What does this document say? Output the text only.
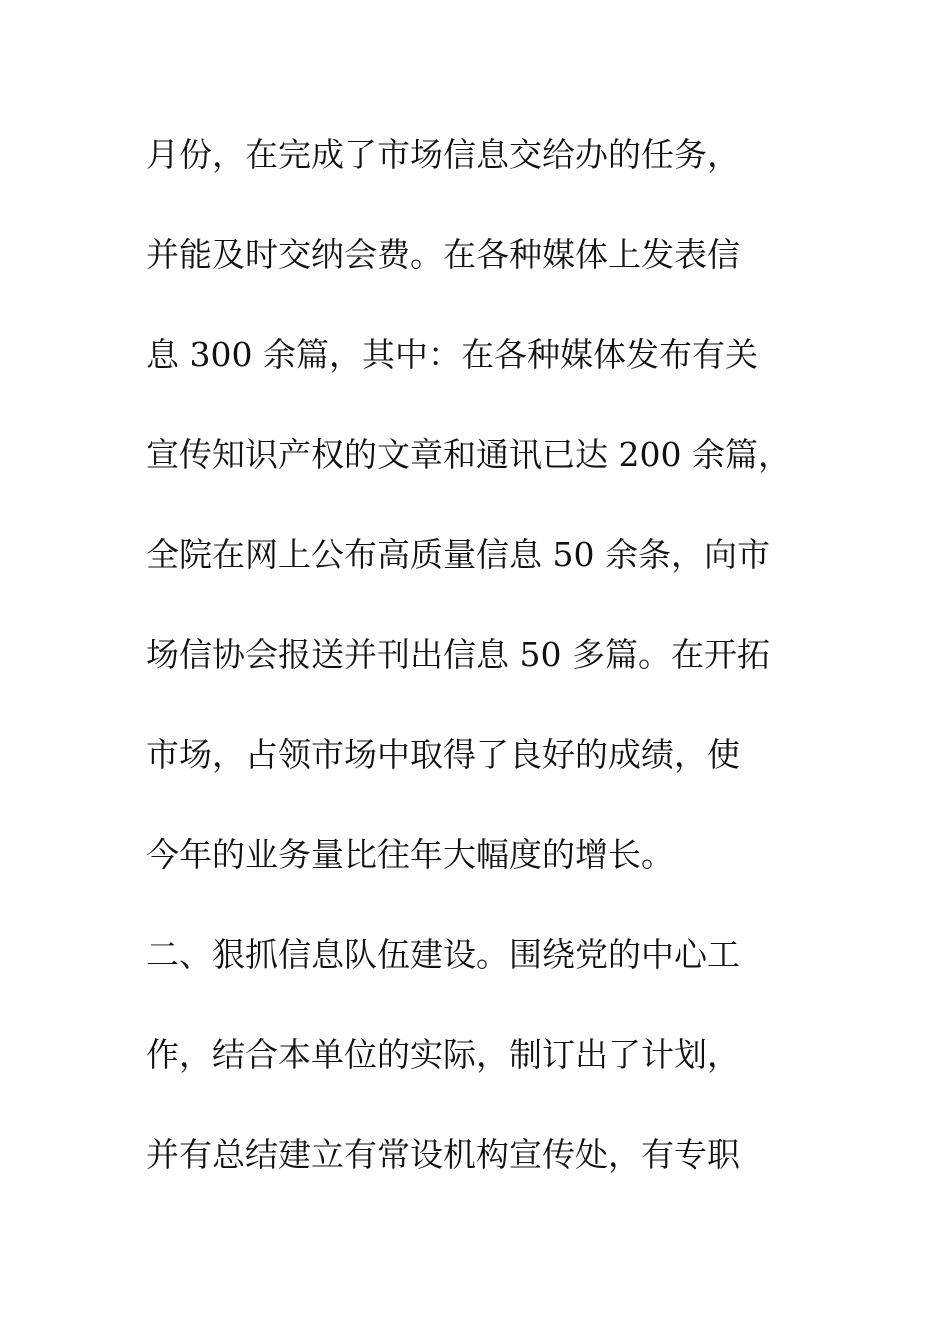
月份，在完成了市场信息交给办的任务，
并能及时交纳会费。在各种媒体上发表信
息 300 余篇，其中：在各种媒体发布有关
宣传知识产权的文章和通讯已达 200 余篇，
全院在网上公布高质量信息 50 余条，向市
场信协会报送并刊出信息 50 多篇。在开拓
市场，占领市场中取得了良好的成绩，使
今年的业务量比往年大幅度的增长。
二、狠抓信息队伍建设。围绕党的中心工
作，结合本单位的实际，制订出了计划，
并有总结建立有常设机构宣传处，有专职
